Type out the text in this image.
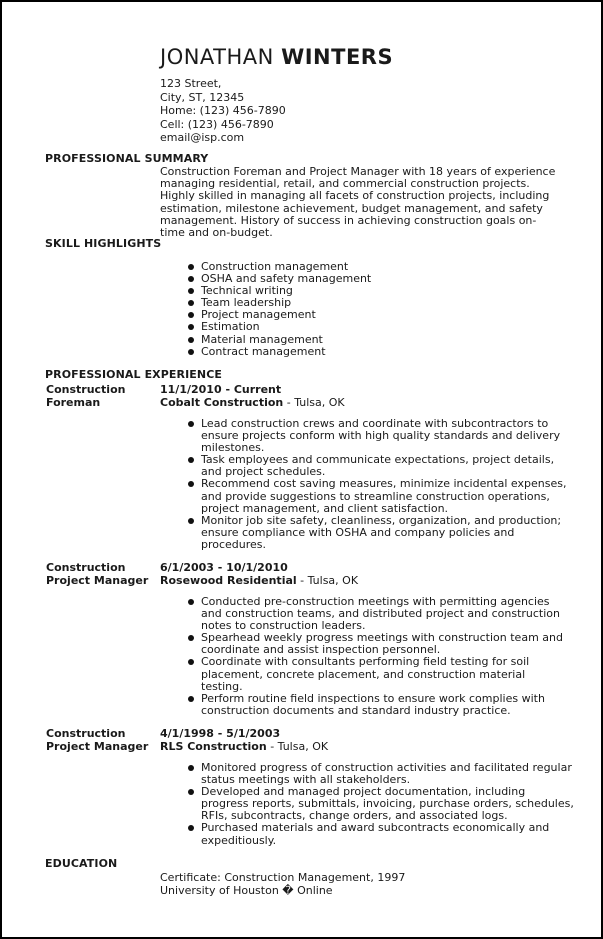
JONATHAN WINTERS
123 Street,
City, ST, 12345
Home: (123) 456-7890
Cell: (123) 456-7890
email@isp.com
PROFESSIONAL SUMMARY

Construction Foreman and Project Manager with 18 years of experience managing residential, retail, and commercial construction projects. Highly skilled in managing all facets of construction projects, including estimation, milestone achievement, budget management, and safety management. History of success in achieving construction goals on-time and on-budget.

SKILL HIGHLIGHTS
Construction management
OSHA and safety management
Technical writing
Team leadership
Project management
Estimation
Material management
Contract management
PROFESSIONAL EXPERIENCE
Construction Foreman
11/1/2010 - Current
Cobalt Construction - Tulsa, OK
Lead construction crews and coordinate with subcontractors to
ensure projects conform with high quality standards and delivery
milestones.
Task employees and communicate expectations, project details,
and project schedules.
Recommend cost saving measures, minimize incidental expenses,
and provide suggestions to streamline construction operations,
project management, and client satisfaction.
Monitor job site safety, cleanliness, organization, and production;
ensure compliance with OSHA and company policies and
procedures.
Construction Project Manager
6/1/2003 - 10/1/2010
Rosewood Residential - Tulsa, OK
Conducted pre-construction meetings with permitting agencies
and construction teams, and distributed project and construction
notes to construction leaders.
Spearhead weekly progress meetings with construction team and
coordinate and assist inspection personnel.
Coordinate with consultants performing field testing for soil
placement, concrete placement, and construction material
testing.
Perform routine field inspections to ensure work complies with
construction documents and standard industry practice.
Construction Project Manager
4/1/1998 - 5/1/2003
RLS Construction - Tulsa, OK
Monitored progress of construction activities and facilitated regular
status meetings with all stakeholders.
Developed and managed project documentation, including
progress reports, submittals, invoicing, purchase orders, schedules,
RFIs, subcontracts, change orders, and associated logs.
Purchased materials and award subcontracts economically and
expeditiously.
EDUCATION
Certificate: Construction Management, 1997
University of Houston � Online
